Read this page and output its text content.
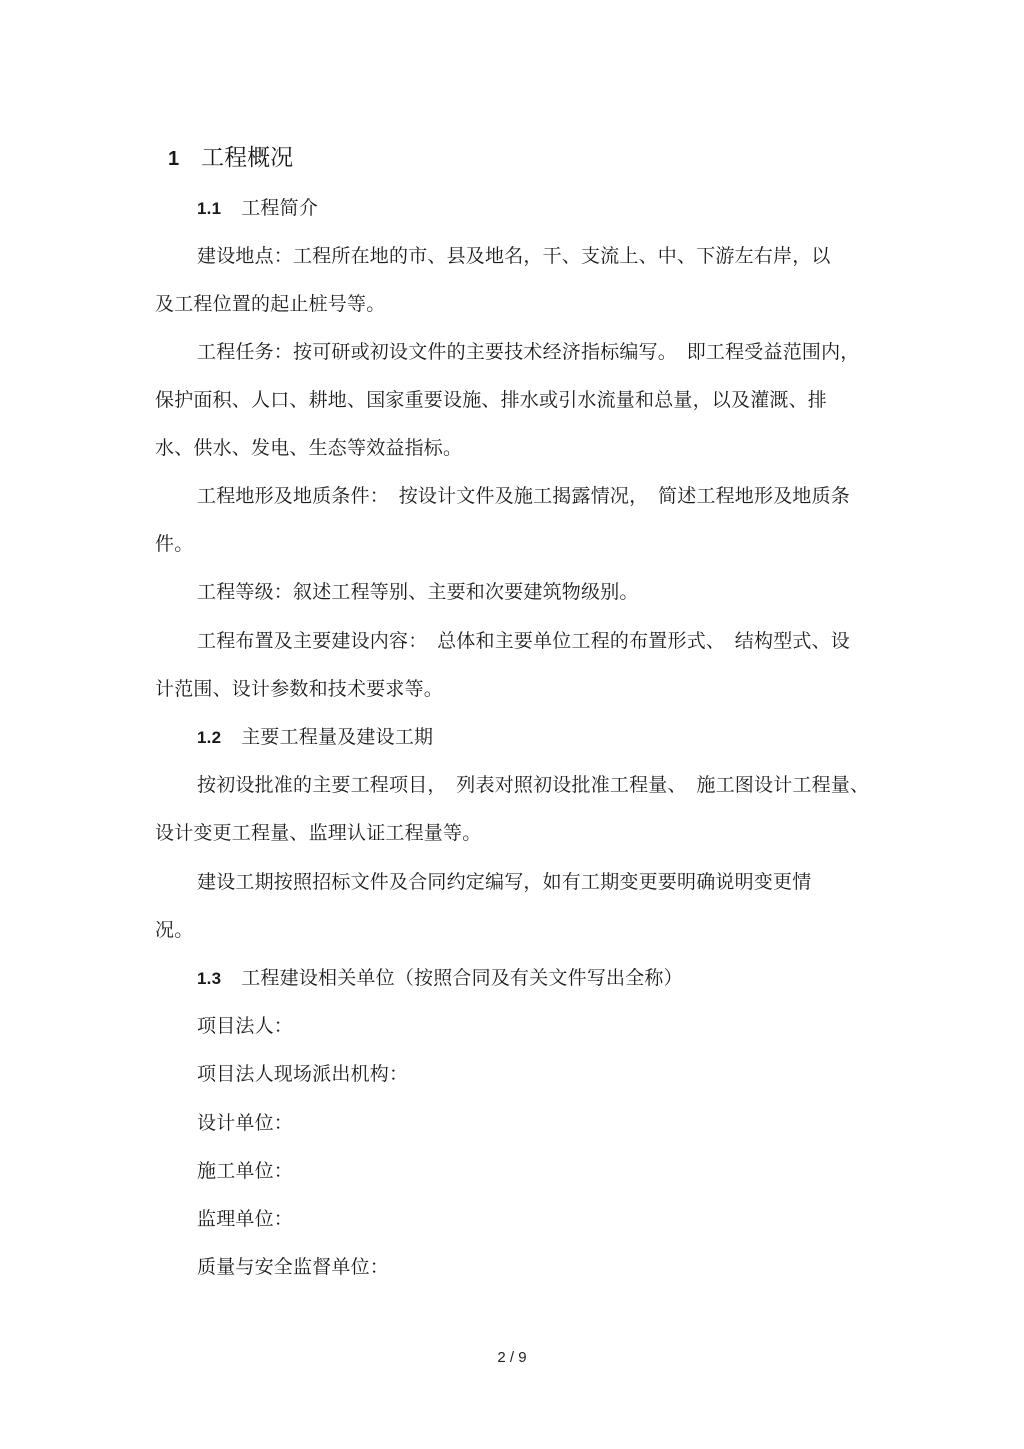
1 工程概况
1.1 工程简介
建设地点：工程所在地的市、县及地名，干、支流上、中、下游左右岸，以
及工程位置的起止桩号等。
工程任务：按可研或初设文件的主要技术经济指标编写。　即工程受益范围内，
保护面积、人口、耕地、国家重要设施、排水或引水流量和总量，以及灌溉、排
水、供水、发电、生态等效益指标。
工程地形及地质条件：　按设计文件及施工揭露情况，　简述工程地形及地质条
件。
工程等级：叙述工程等别、主要和次要建筑物级别。
工程布置及主要建设内容：　总体和主要单位工程的布置形式、　结构型式、设
计范围、设计参数和技术要求等。
1.2 主要工程量及建设工期
按初设批准的主要工程项目，　列表对照初设批准工程量、　施工图设计工程量、
设计变更工程量、监理认证工程量等。
建设工期按照招标文件及合同约定编写，如有工期变更要明确说明变更情
况。
1.3 工程建设相关单位（按照合同及有关文件写出全称）
项目法人：
项目法人现场派出机构：
设计单位：
施工单位：
监理单位：
质量与安全监督单位：
2 / 9
